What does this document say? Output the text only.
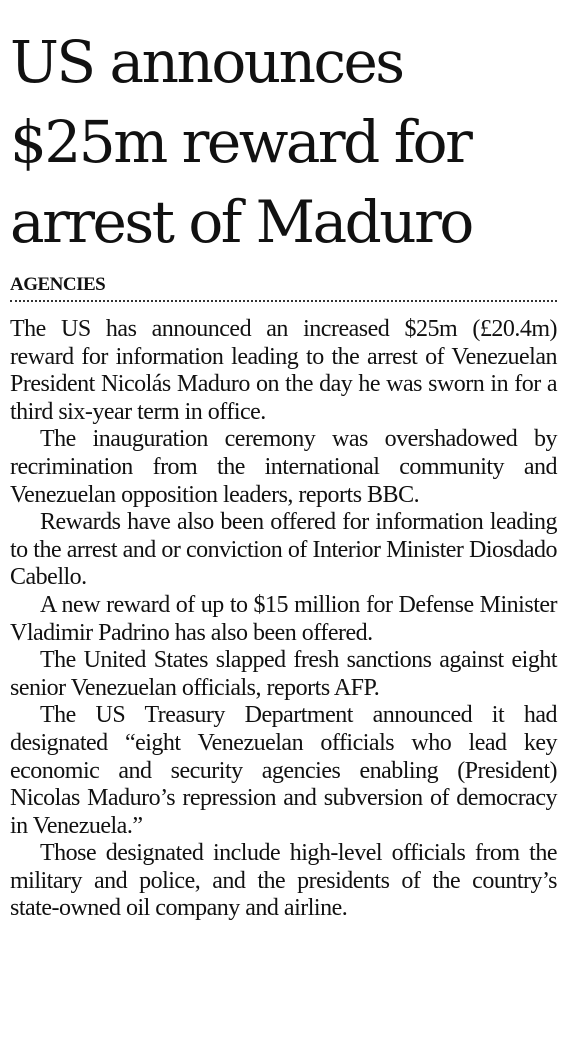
US announces
$25m reward for
arrest of Maduro
AGENCIES

The US has announced an increased $25m (£20.4m) reward for information leading to the arrest of Venezuelan President Nicolás Maduro on the day he was sworn in for a third six-year term in office.

The inauguration ceremony was overshadowed by recrimination from the international community and Venezuelan opposition leaders, reports BBC.

Rewards have also been offered for information leading to the arrest and or conviction of Interior Minister Diosdado Cabello.

A new reward of up to $15 million for Defense Minister Vladimir Padrino has also been offered.

The United States slapped fresh sanctions against eight senior Venezuelan officials, reports AFP.

The US Treasury Department announced it had designated “eight Venezuelan officials who lead key economic and security agencies enabling (President) Nicolas Maduro’s repression and subversion of democracy in Venezuela.”

Those designated include high-level officials from the military and police, and the presidents of the country’s state-owned oil company and airline.
